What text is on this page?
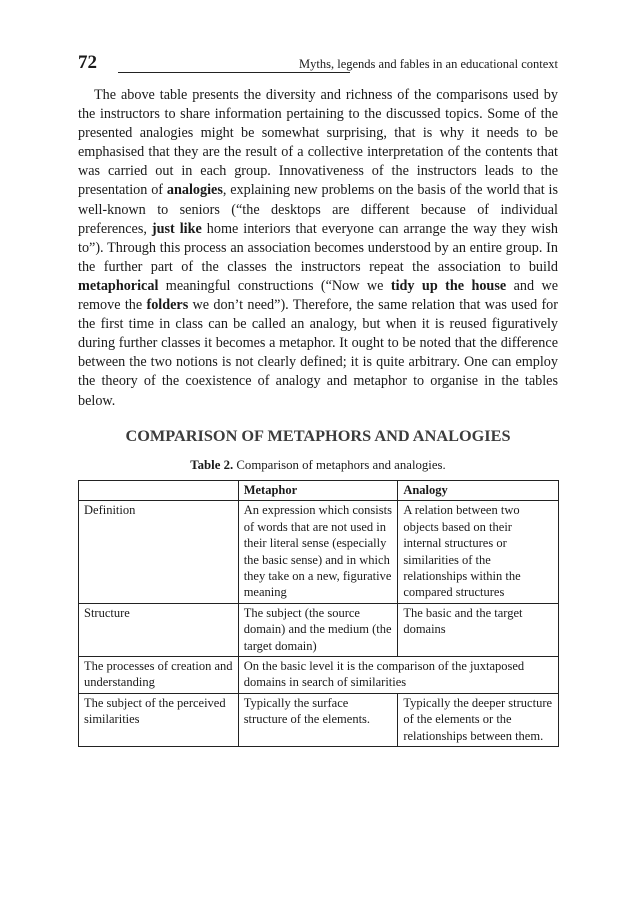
72	Myths, legends and fables in an educational context

The above table presents the diversity and richness of the comparisons used by the instructors to share information pertaining to the discussed topics. Some of the presented analogies might be somewhat surprising, that is why it needs to be emphasised that they are the result of a collective interpretation of the contents that was carried out in each group. Innovativeness of the instructors leads to the presentation of analogies, explaining new problems on the basis of the world that is well-known to seniors (“the desktops are different because of individual preferences, just like home interiors that everyone can arrange the way they wish to”). Through this process an association becomes understood by an entire group. In the further part of the classes the instructors repeat the association to build metaphorical meaningful constructions (“Now we tidy up the house and we remove the folders we don’t need”). Therefore, the same relation that was used for the first time in class can be called an analogy, but when it is reused figuratively during further classes it becomes a metaphor. It ought to be noted that the difference between the two notions is not clearly defined; it is quite arbitrary. One can employ the theory of the coexistence of analogy and metaphor to organise in the tables below.

COMPARISON OF METAPHORS AND ANALOGIES
Table 2. Comparison of metaphors and analogies.
	Metaphor	Analogy
Definition	An expression which consists of words that are not used in their literal sense (especially the basic sense) and in which they take on a new, figurative meaning	A relation between two objects based on their internal structures or similarities of the relationships within the compared structures
Structure	The subject (the source domain) and the medium (the target domain)	The basic and the target domains
The processes of creation and understanding	On the basic level it is the comparison of the juxtaposed domains in search of similarities	
The subject of the perceived similarities	Typically the surface structure of the elements.	Typically the deeper structure of the elements or the relationships between them.
